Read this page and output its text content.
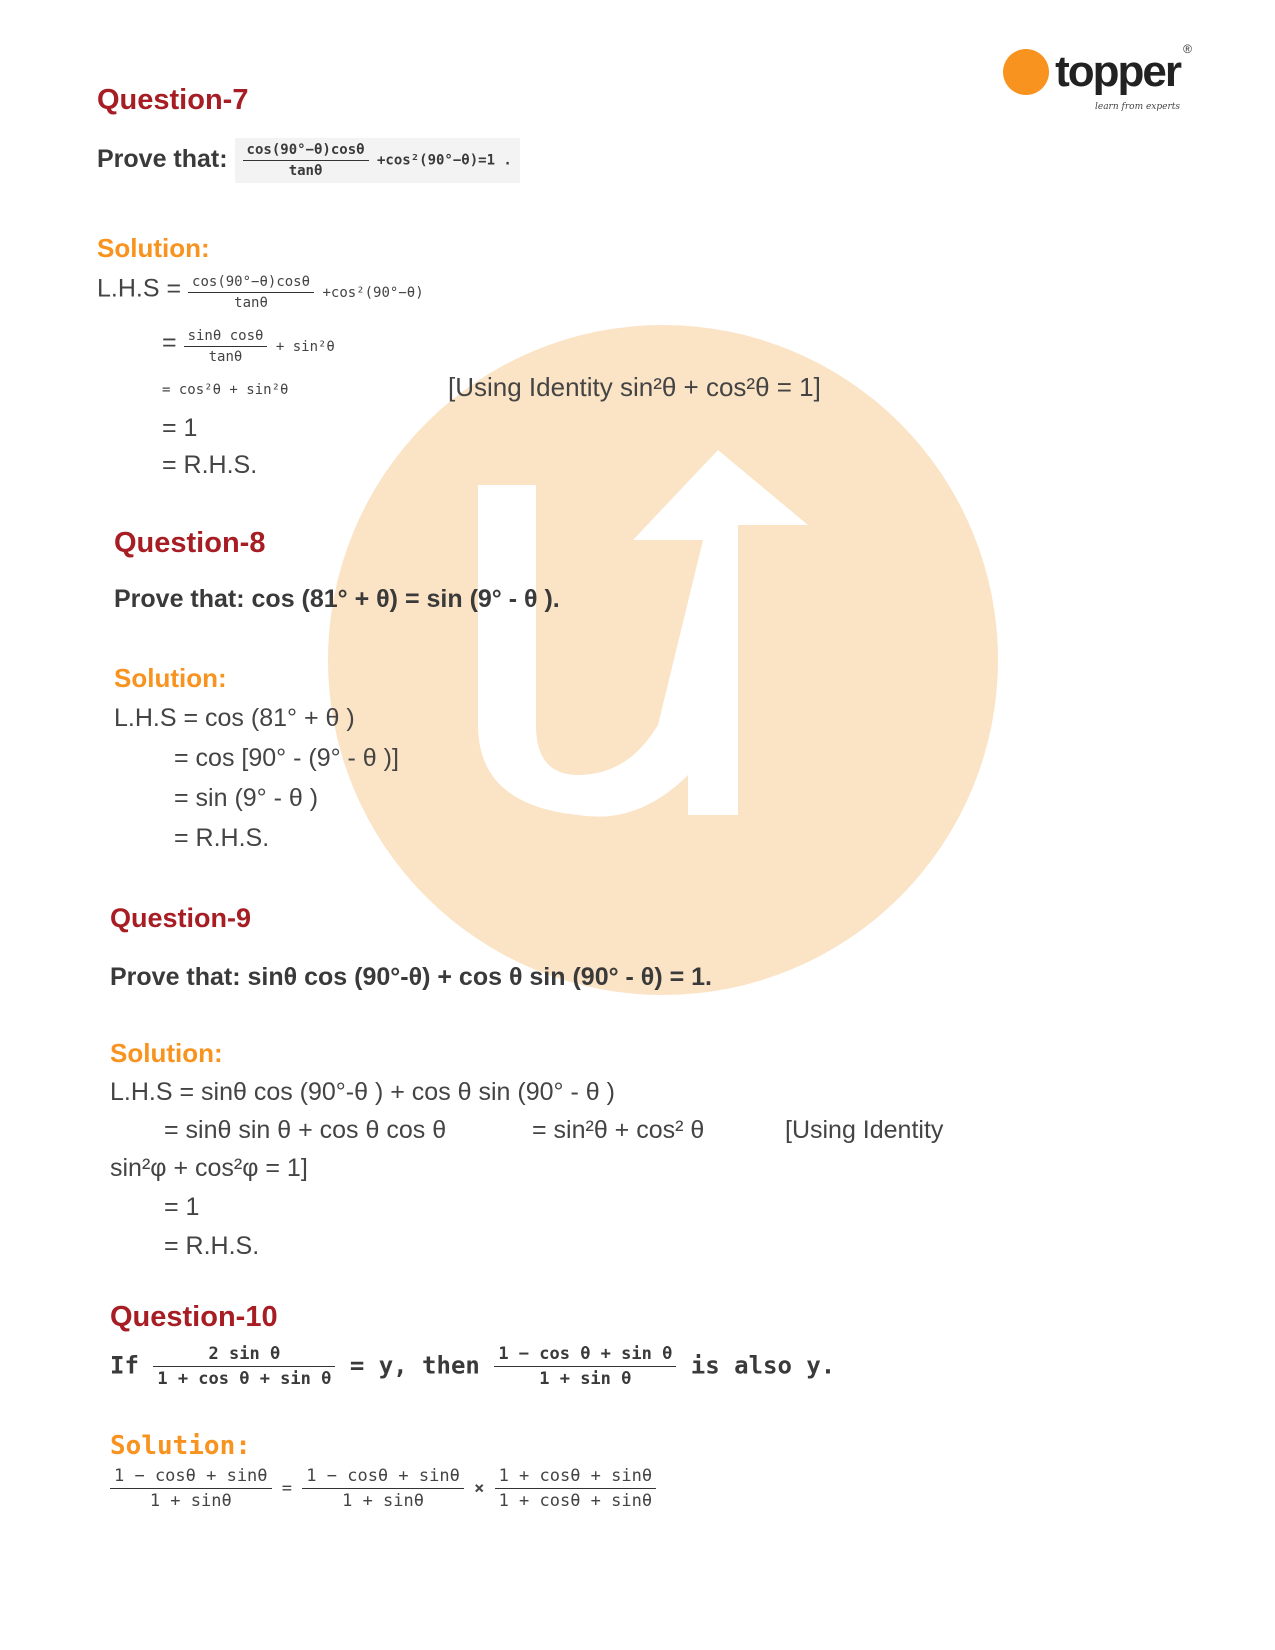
topper ®
learn from experts
Question-7
Prove that: $\frac{\cos(90^\circ-\theta)\cos\theta}{\tan\theta} +\cos^2(90^\circ-\theta)=1$ .
Solution:
$L.H.S = \frac{\cos(90^\circ-\theta)\cos\theta}{\tan\theta} +\cos^2(90^\circ-\theta)$
= $\frac{\text{sinθ cosθ}}{\tan\theta} + \sin^2\theta$
= cos²θ + sin²θ	[Using Identity sin²θ + cos²θ = 1]
= 1
= R.H.S.
Question-8
Prove that: cos (81° + θ) = sin (9° - θ ).
Solution:
L.H.S = cos (81° + θ )
= cos [90° - (9° - θ )]
= sin (9° - θ )
= R.H.S.
Question-9
Prove that: sinθ cos (90°-θ) + cos θ sin (90° - θ) = 1.
Solution:
L.H.S = sinθ cos (90°-θ ) + cos θ sin (90° - θ )
= sinθ sin θ + cos θ cos θ	= sin²θ + cos² θ	[Using Identity
sin²φ + cos²φ = 1]
= 1
= R.H.S.
Question-10
If $\frac{\text{2 sin θ}}{\text{1 + cos θ + sin θ}} = y$, then $\frac{\text{1 − cos θ + sin θ}}{\text{1 + sin θ}}$ is also y.
Solution:
$\frac{1 - \cos\theta + \sin\theta}{1 + \sin\theta} = \frac{1 - \cos\theta + \sin\theta}{1 + \sin\theta} \times \frac{1 + \cos\theta + \sin\theta}{1 + \cos\theta + \sin\theta}$
